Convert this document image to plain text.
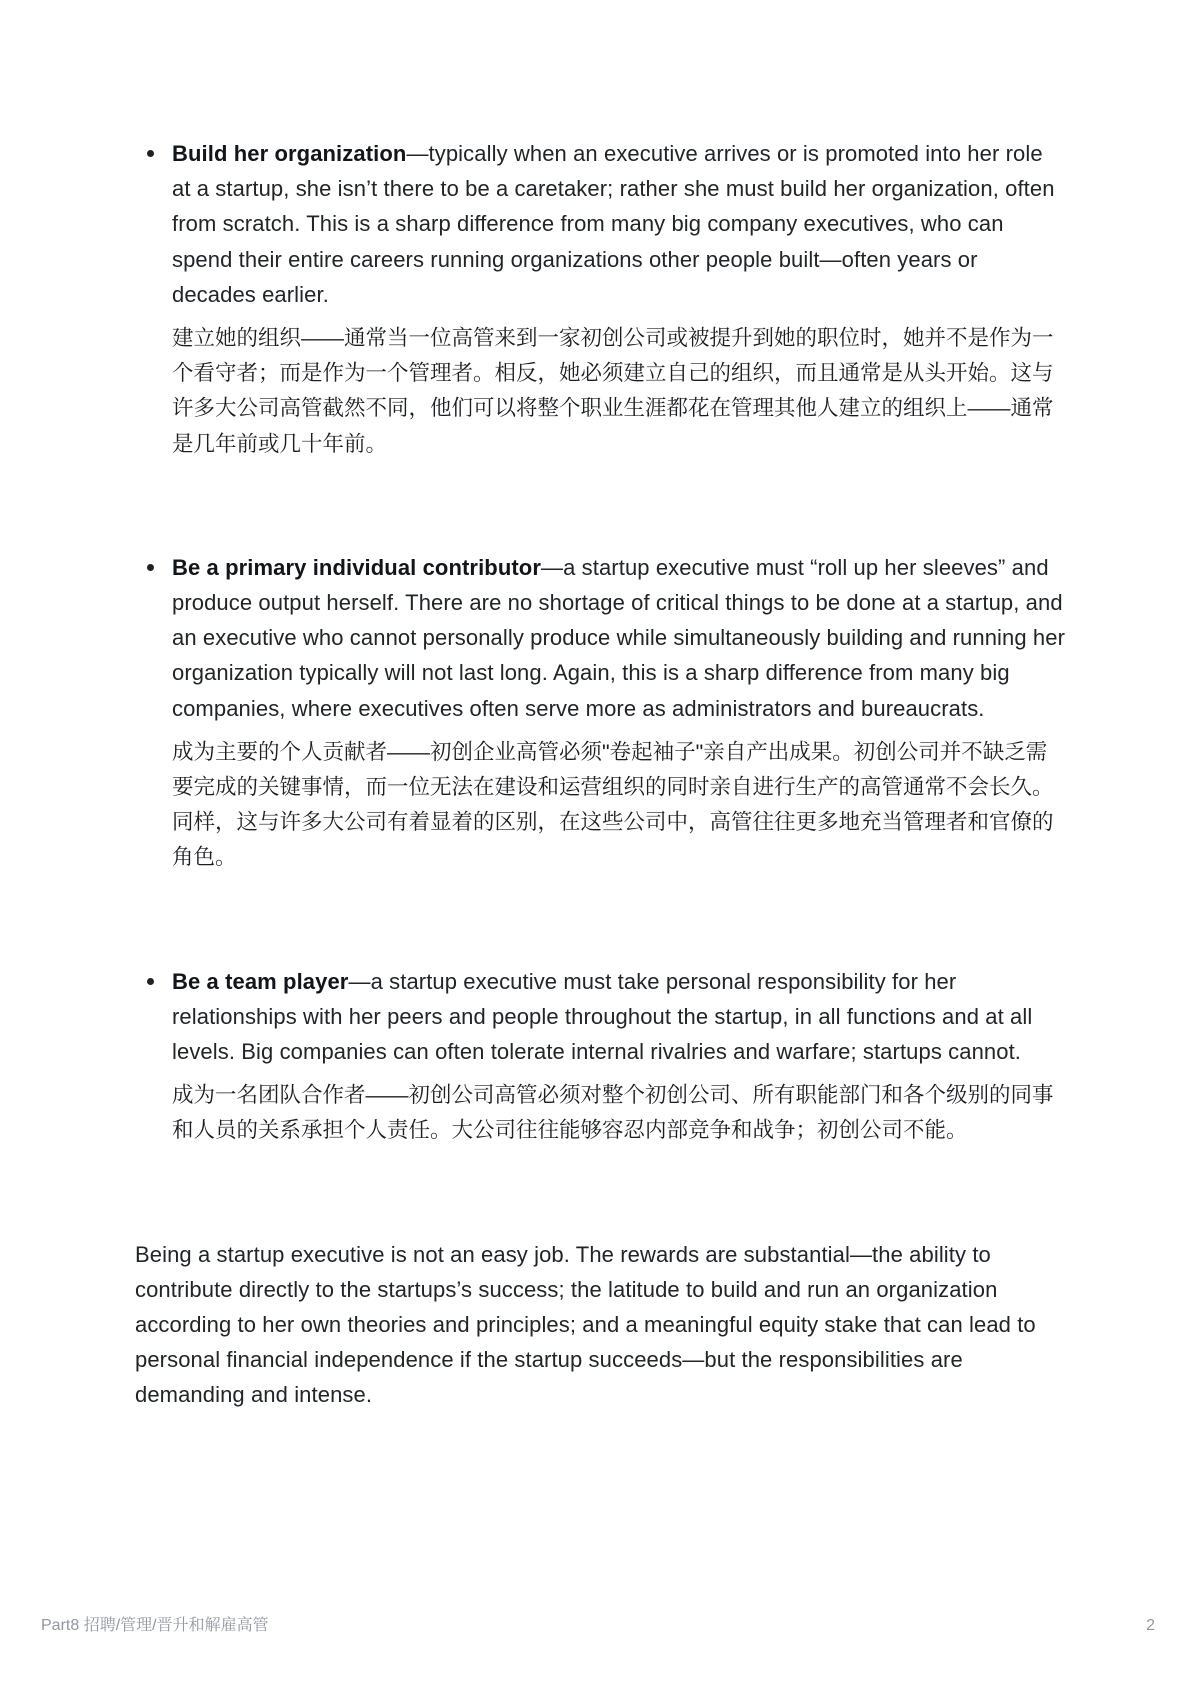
Build her organization—typically when an executive arrives or is promoted into her role at a startup, she isn’t there to be a caretaker; rather she must build her organization, often from scratch. This is a sharp difference from many big company executives, who can spend their entire careers running organizations other people built—often years or decades earlier.
建立她的组织——通常当一位高管来到一家初创公司或被提升到她的职位时，她并不是作为一个看守者；而是作为一个管理者。相反，她必须建立自己的组织，而且通常是从头开始。这与许多大公司高管截然不同，他们可以将整个职业生涯都花在管理其他人建立的组织上——通常是几年前或几十年前。
Be a primary individual contributor—a startup executive must “roll up her sleeves” and produce output herself. There are no shortage of critical things to be done at a startup, and an executive who cannot personally produce while simultaneously building and running her organization typically will not last long. Again, this is a sharp difference from many big companies, where executives often serve more as administrators and bureaucrats.
成为主要的个人贡献者——初创企业高管必须"卷起袖子"亲自产出成果。初创公司并不缺乏需要完成的关键事情，而一位无法在建设和运营组织的同时亲自进行生产的高管通常不会长久。同样，这与许多大公司有着显着的区别，在这些公司中，高管往往更多地充当管理者和官僚的角色。
Be a team player—a startup executive must take personal responsibility for her relationships with her peers and people throughout the startup, in all functions and at all levels. Big companies can often tolerate internal rivalries and warfare; startups cannot.
成为一名团队合作者——初创公司高管必须对整个初创公司、所有职能部门和各个级别的同事和人员的关系承担个人责任。大公司往往能够容忍内部竞争和战争；初创公司不能。

Being a startup executive is not an easy job. The rewards are substantial—the ability to contribute directly to the startups’s success; the latitude to build and run an organization according to her own theories and principles; and a meaningful equity stake that can lead to personal financial independence if the startup succeeds—but the responsibilities are demanding and intense.

Part8 招聘/管理/晋升和解雇高管	2
